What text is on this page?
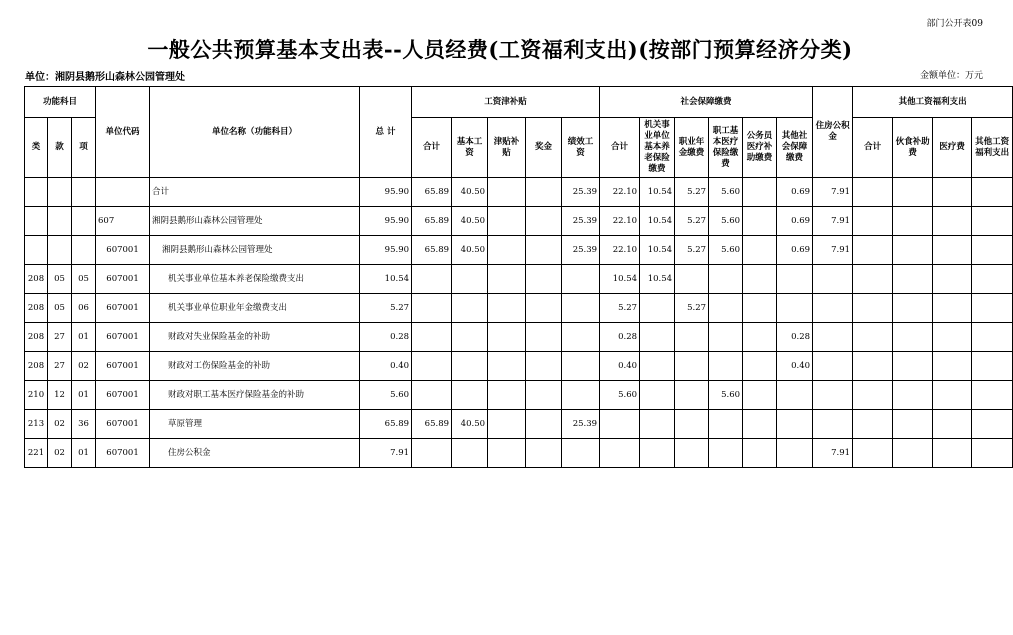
部门公开表09
一般公共预算基本支出表--人员经费(工资福利支出)(按部门预算经济分类)
单位：湘阴县鹅形山森林公园管理处	金额单位：万元
功能科目			单位代码	单位名称（功能科目）	总 计	工资津补贴					社会保障缴费						住房公积金	其他工资福利支出			
类	款	项				合计	基本工资	津贴补贴	奖金	绩效工资	合计	机关事业单位基本养老保险缴费	职业年金缴费	职工基本医疗保险缴费	公务员医疗补助缴费	其他社会保障缴费		合计	伙食补助费	医疗费	其他工资福利支出
				合计	95.90	65.89	40.50			25.39	22.10	10.54	5.27	5.60		0.69	7.91				
			607	湘阴县鹅形山森林公园管理处	95.90	65.89	40.50			25.39	22.10	10.54	5.27	5.60		0.69	7.91				
			607001	湘阴县鹅形山森林公园管理处	95.90	65.89	40.50			25.39	22.10	10.54	5.27	5.60		0.69	7.91				
208	05	05	607001	机关事业单位基本养老保险缴费支出	10.54						10.54	10.54									
208	05	06	607001	机关事业单位职业年金缴费支出	5.27						5.27		5.27								
208	27	01	607001	财政对失业保险基金的补助	0.28						0.28					0.28					
208	27	02	607001	财政对工伤保险基金的补助	0.40						0.40					0.40					
210	12	01	607001	财政对职工基本医疗保险基金的补助	5.60						5.60			5.60							
213	02	36	607001	草原管理	65.89	65.89	40.50			25.39											
221	02	01	607001	住房公积金	7.91												7.91				
